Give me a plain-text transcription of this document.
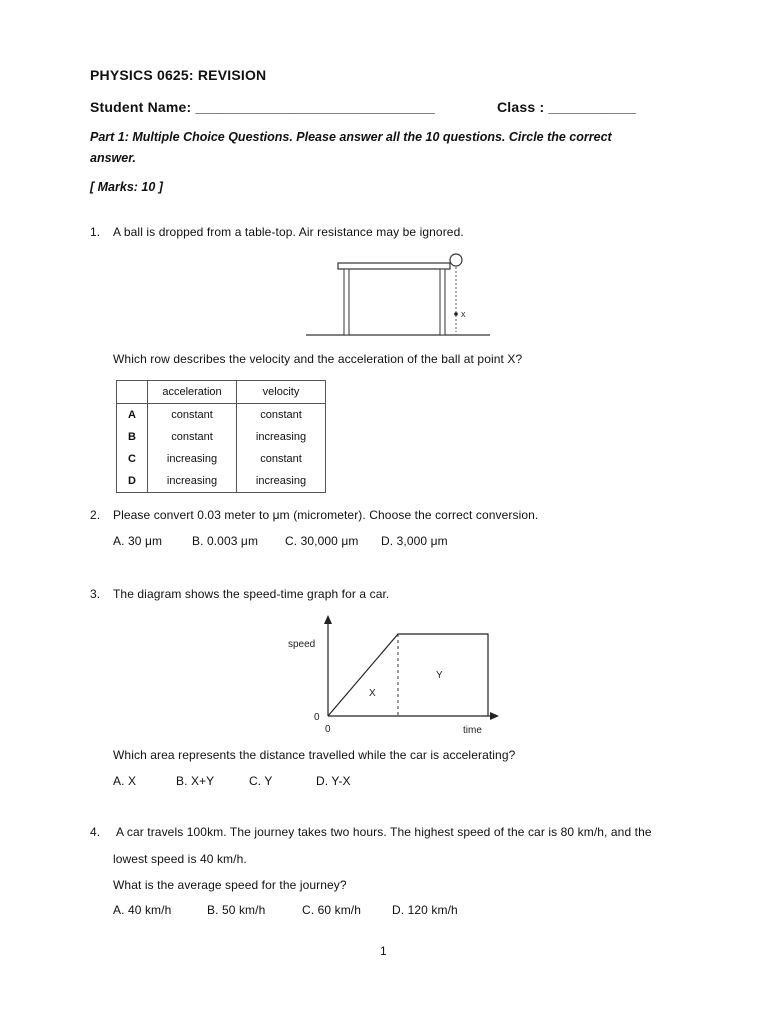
PHYSICS 0625: REVISION
Student Name: ______________________________	Class : ___________
Part 1: Multiple Choice Questions. Please answer all the 10 questions. Circle the correct
answer.
[ Marks: 10 ]
1. A ball is dropped from a table-top. Air resistance may be ignored.
x
Which row describes the velocity and the acceleration of the ball at point X?
	acceleration	velocity
A	constant	constant
B	constant	increasing
C	increasing	constant
D	increasing	increasing
2. Please convert 0.03 meter to μm (micrometer). Choose the correct conversion.
A. 30 μm B. 0.003 μm C. 30,000 μm D. 3,000 μm
3. The diagram shows the speed-time graph for a car.
speed
0
0	time
X
Y
Which area represents the distance travelled while the car is accelerating?
A. X	B. X+Y	C. Y	D. Y-X
4. A car travels 100km. The journey takes two hours. The highest speed of the car is 80 km/h, and the
lowest speed is 40 km/h.
What is the average speed for the journey?
A. 40 km/h	B. 50 km/h	C. 60 km/h	D. 120 km/h
1
